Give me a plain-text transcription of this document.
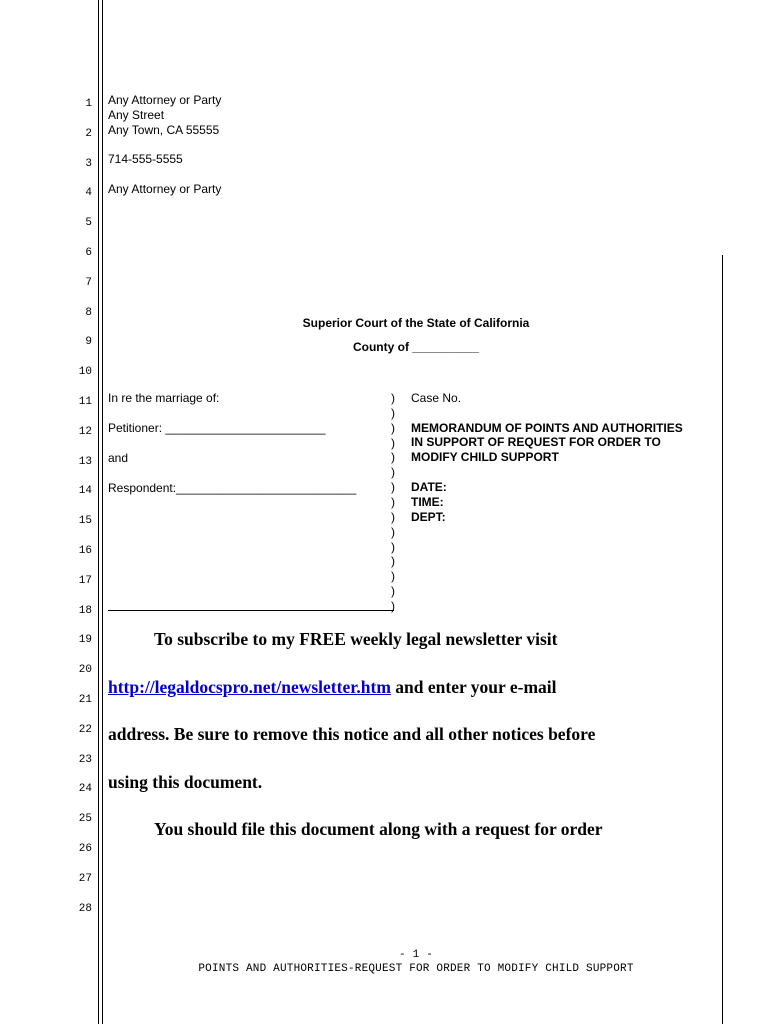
1
2
3
4
5
6
7
8
9
10
11
12
13
14
15
16
17
18
19
20
21
22
23
24
25
26
27
28
Any Attorney or Party
Any Street
Any Town, CA 55555
714-555-5555
Any Attorney or Party
Superior Court of the State of California
County of __________
In re the marriage of:
Petitioner: ________________________
and
Respondent:___________________________
)
)
)
)
)
)
)
)
)
)
)
)
)
)
)
Case No.
MEMORANDUM OF POINTS AND AUTHORITIES
IN SUPPORT OF REQUEST FOR ORDER TO
MODIFY CHILD SUPPORT
DATE:
TIME:
DEPT:
To subscribe to my FREE weekly legal newsletter visit
http://legaldocspro.net/newsletter.htm and enter your e-mail
address. Be sure to remove this notice and all other notices before
using this document.
You should file this document along with a request for order
- 1 -
POINTS AND AUTHORITIES-REQUEST FOR ORDER TO MODIFY CHILD SUPPORT
